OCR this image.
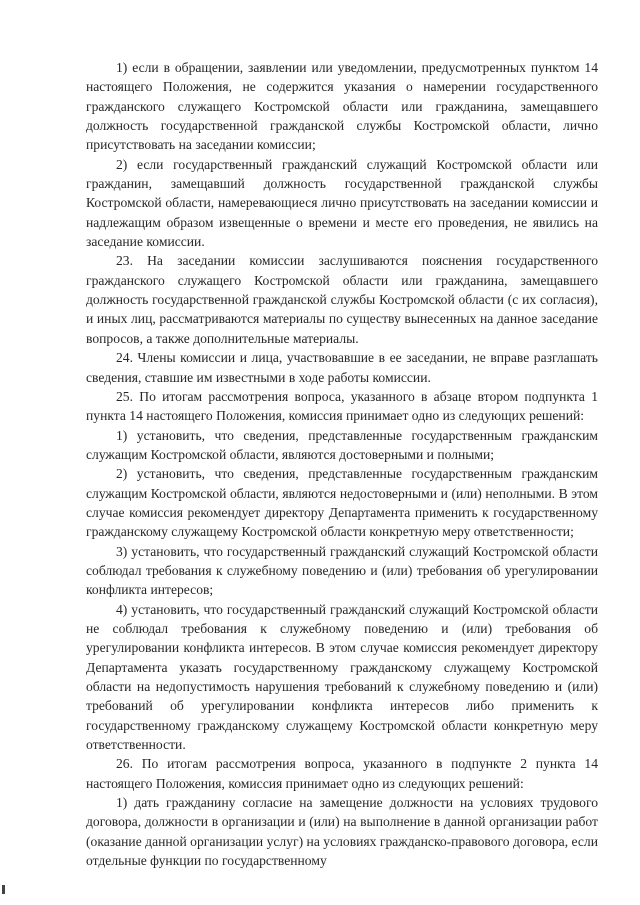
1) если в обращении, заявлении или уведомлении, предусмотренных пунктом 14 настоящего Положения, не содержится указания о намерении государственного гражданского служащего Костромской области или гражданина, замещавшего должность государственной гражданской службы Костромской области, лично присутствовать на заседании комиссии;

2) если государственный гражданский служащий Костромской области или гражданин, замещавший должность государственной гражданской службы Костромской области, намеревающиеся лично присутствовать на заседании комиссии и надлежащим образом извещенные о времени и месте его проведения, не явились на заседание комиссии.

23. На заседании комиссии заслушиваются пояснения государственного гражданского служащего Костромской области или гражданина, замещавшего должность государственной гражданской службы Костромской области (с их согласия), и иных лиц, рассматриваются материалы по существу вынесенных на данное заседание вопросов, а также дополнительные материалы.

24. Члены комиссии и лица, участвовавшие в ее заседании, не вправе разглашать сведения, ставшие им известными в ходе работы комиссии.

25. По итогам рассмотрения вопроса, указанного в абзаце втором подпункта 1 пункта 14 настоящего Положения, комиссия принимает одно из следующих решений:

1) установить, что сведения, представленные государственным гражданским служащим Костромской области, являются достоверными и полными;

2) установить, что сведения, представленные государственным гражданским служащим Костромской области, являются недостоверными и (или) неполными. В этом случае комиссия рекомендует директору Департамента применить к государственному гражданскому служащему Костромской области конкретную меру ответственности;

3) установить, что государственный гражданский служащий Костромской области соблюдал требования к служебному поведению и (или) требования об урегулировании конфликта интересов;

4) установить, что государственный гражданский служащий Костромской области не соблюдал требования к служебному поведению и (или) требования об урегулировании конфликта интересов. В этом случае комиссия рекомендует директору Департамента указать государственному гражданскому служащему Костромской области на недопустимость нарушения требований к служебному поведению и (или) требований об урегулировании конфликта интересов либо применить к государственному гражданскому служащему Костромской области конкретную меру ответственности.

26. По итогам рассмотрения вопроса, указанного в подпункте 2 пункта 14 настоящего Положения, комиссия принимает одно из следующих решений:

1) дать гражданину согласие на замещение должности на условиях трудового договора, должности в организации и (или) на выполнение в данной организации работ (оказание данной организации услуг) на условиях гражданско-правового договора, если отдельные функции по государственному
